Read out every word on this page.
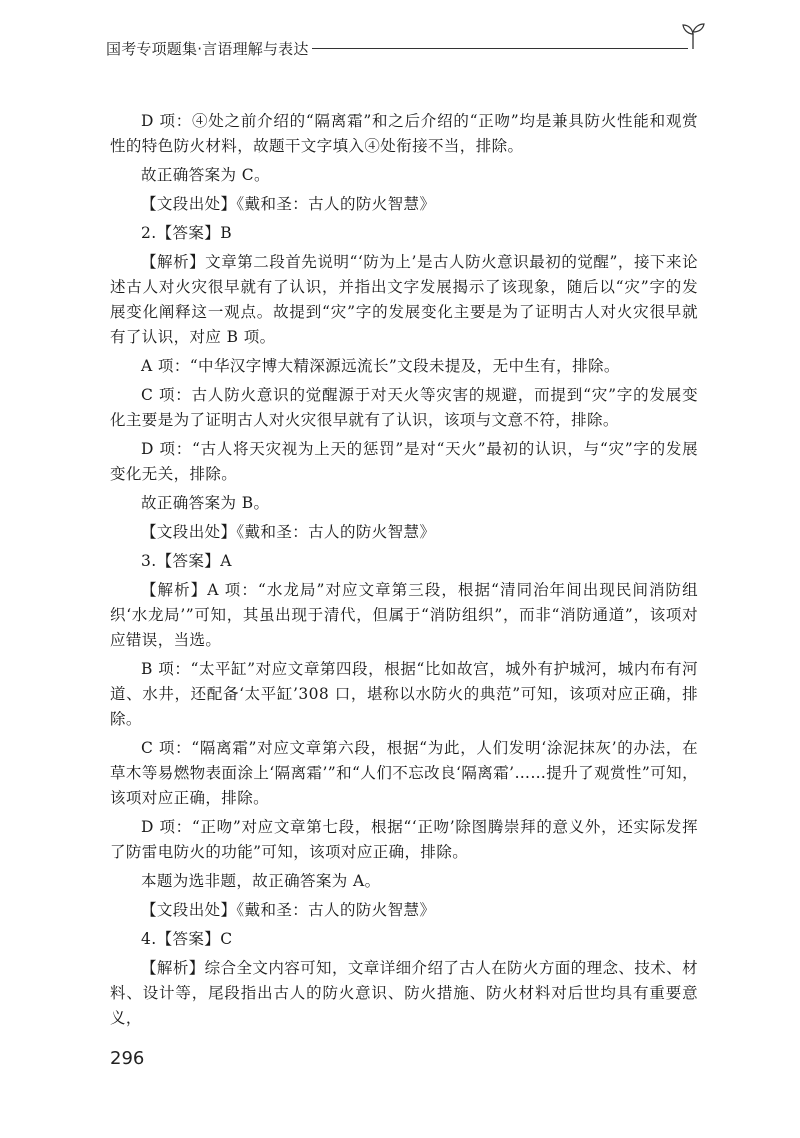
国考专项题集·言语理解与表达

D 项：④处之前介绍的“隔离霜”和之后介绍的“正吻”均是兼具防火性能和观赏性的特色防火材料，故题干文字填入④处衔接不当，排除。

故正确答案为 C。

【文段出处】《戴和圣：古人的防火智慧》

2.【答案】B

【解析】文章第二段首先说明“‘防为上’是古人防火意识最初的觉醒”，接下来论述古人对火灾很早就有了认识，并指出文字发展揭示了该现象，随后以“灾”字的发展变化阐释这一观点。故提到“灾”字的发展变化主要是为了证明古人对火灾很早就有了认识，对应 B 项。

A 项：“中华汉字博大精深源远流长”文段未提及，无中生有，排除。

C 项：古人防火意识的觉醒源于对天火等灾害的规避，而提到“灾”字的发展变化主要是为了证明古人对火灾很早就有了认识，该项与文意不符，排除。

D 项：“古人将天灾视为上天的惩罚”是对“天火”最初的认识，与“灾”字的发展变化无关，排除。

故正确答案为 B。

【文段出处】《戴和圣：古人的防火智慧》

3.【答案】A

【解析】A 项：“水龙局”对应文章第三段，根据“清同治年间出现民间消防组织‘水龙局’”可知，其虽出现于清代，但属于“消防组织”，而非“消防通道”，该项对应错误，当选。

B 项：“太平缸”对应文章第四段，根据“比如故宫，城外有护城河，城内布有河道、水井，还配备‘太平缸’308 口，堪称以水防火的典范”可知，该项对应正确，排除。

C 项：“隔离霜”对应文章第六段，根据“为此，人们发明‘涂泥抹灰’的办法，在草木等易燃物表面涂上‘隔离霜’”和“人们不忘改良‘隔离霜’……提升了观赏性”可知，该项对应正确，排除。

D 项：“正吻”对应文章第七段，根据“‘正吻’除图腾崇拜的意义外，还实际发挥了防雷电防火的功能”可知，该项对应正确，排除。

本题为选非题，故正确答案为 A。

【文段出处】《戴和圣：古人的防火智慧》

4.【答案】C

【解析】综合全文内容可知，文章详细介绍了古人在防火方面的理念、技术、材料、设计等，尾段指出古人的防火意识、防火措施、防火材料对后世均具有重要意义，

296
